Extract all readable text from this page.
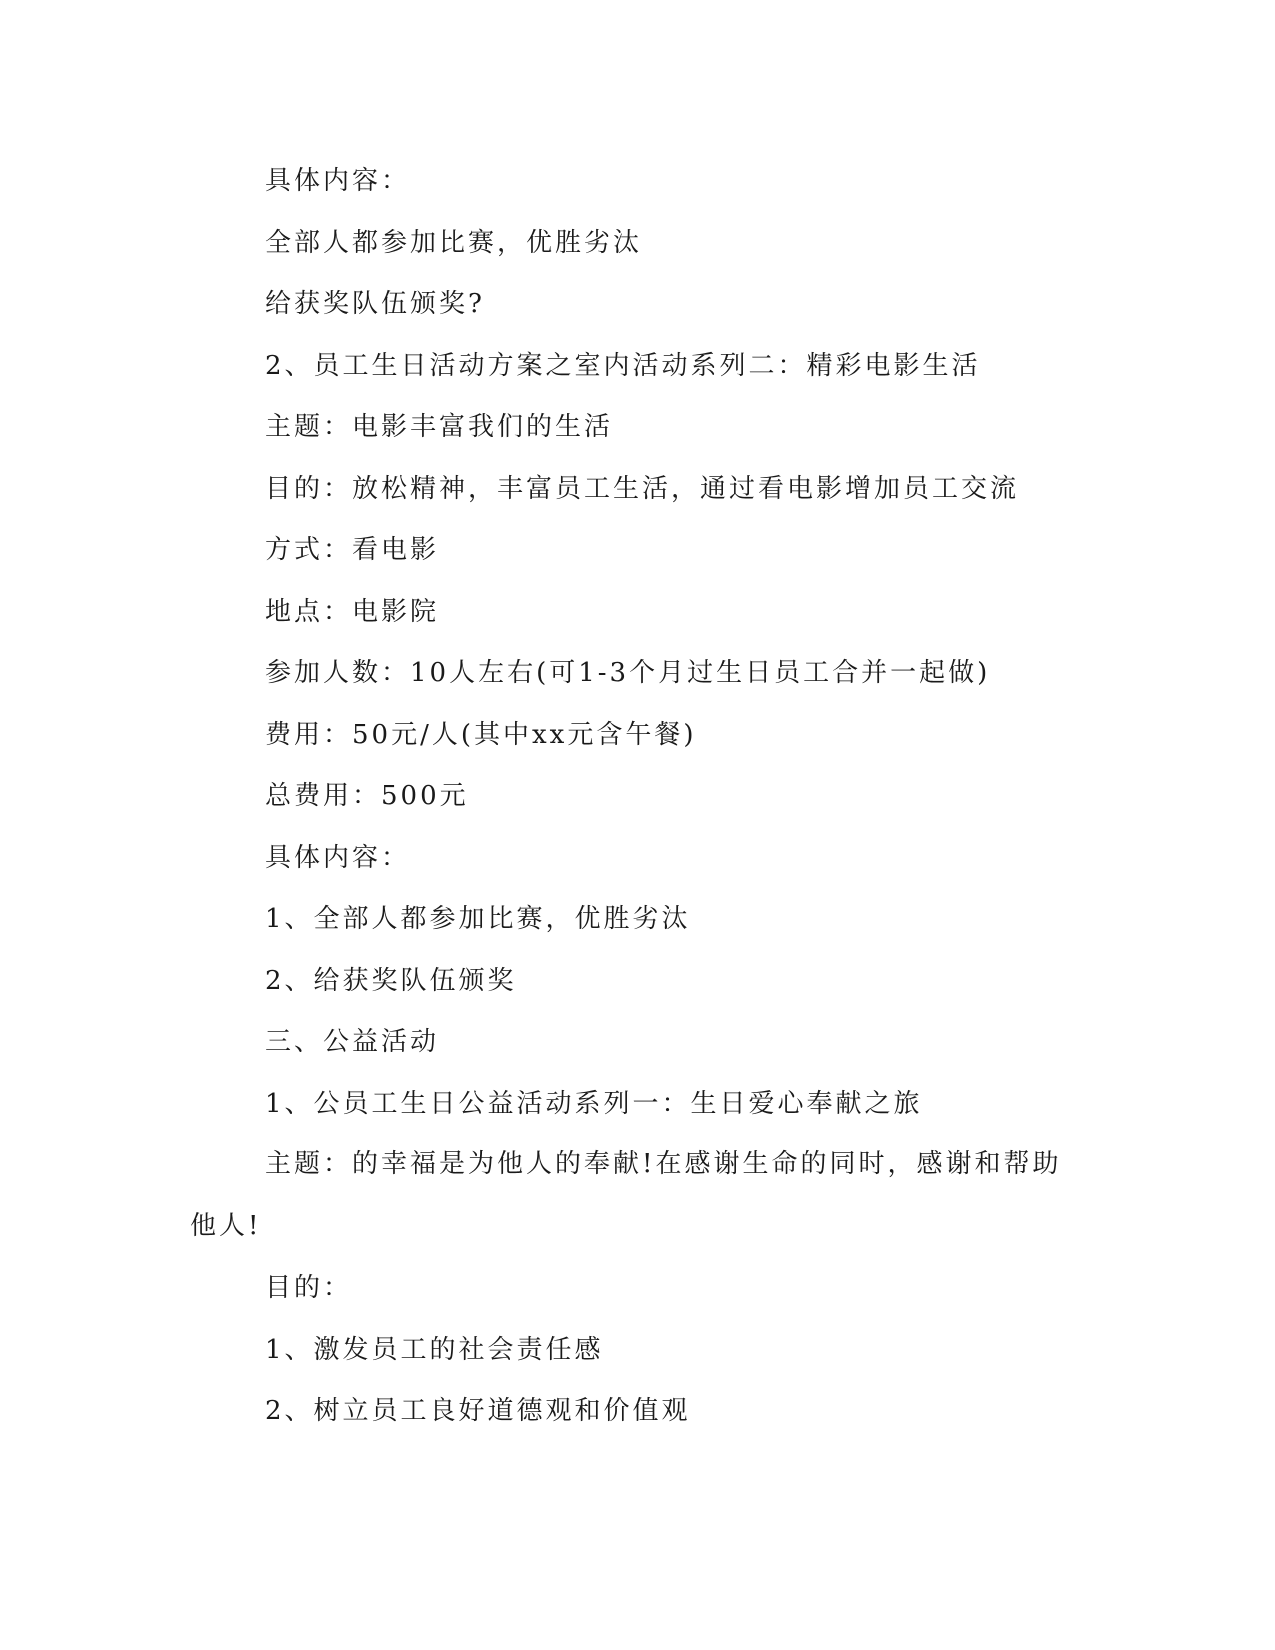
具体内容：

全部人都参加比赛，优胜劣汰

给获奖队伍颁奖?

2、员工生日活动方案之室内活动系列二：精彩电影生活

主题：电影丰富我们的生活

目的：放松精神，丰富员工生活，通过看电影增加员工交流

方式：看电影

地点：电影院

参加人数：10人左右(可1-3个月过生日员工合并一起做)

费用：50元/人(其中xx元含午餐)

总费用：500元

具体内容：

1、全部人都参加比赛，优胜劣汰

2、给获奖队伍颁奖

三、公益活动

1、公员工生日公益活动系列一：生日爱心奉献之旅

主题：的幸福是为他人的奉献!在感谢生命的同时，感谢和帮助他人!

目的：

1、激发员工的社会责任感

2、树立员工良好道德观和价值观
